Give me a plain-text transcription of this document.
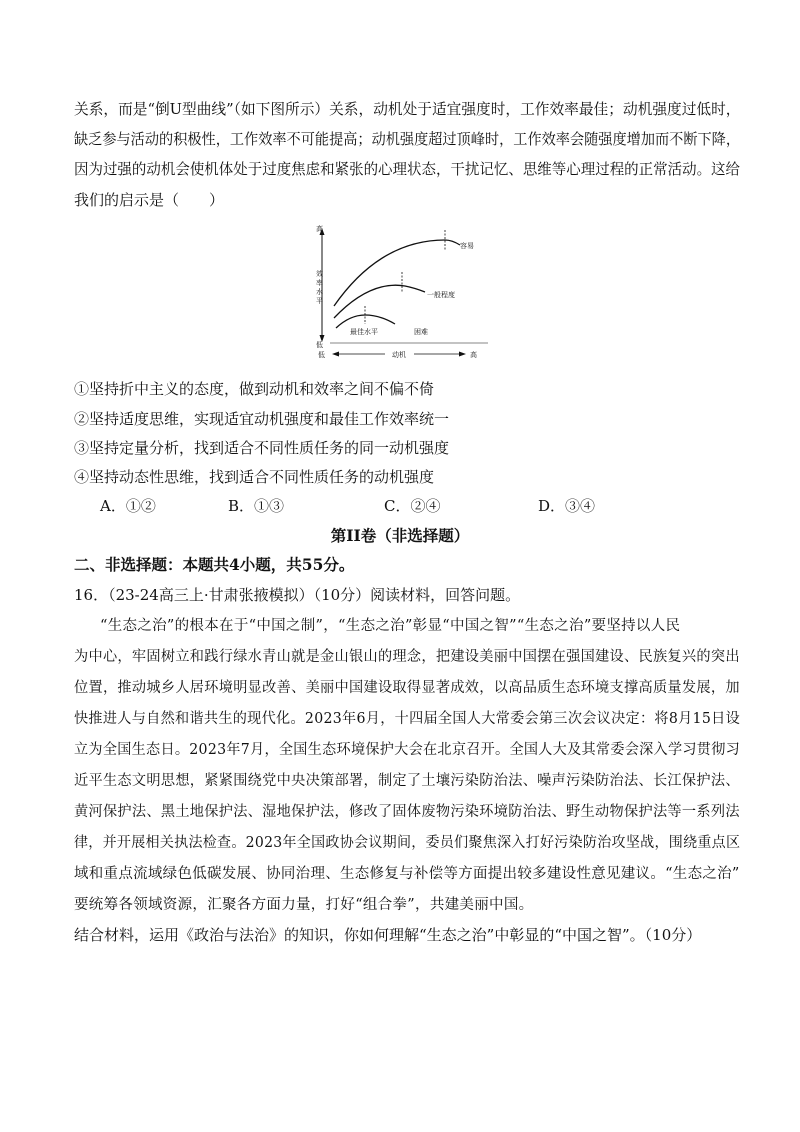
关系，而是“倒U型曲线”（如下图所示）关系，动机处于适宜强度时，工作效率最佳；动机强度过低时，
缺乏参与活动的积极性，工作效率不可能提高；动机强度超过顶峰时，工作效率会随强度增加而不断下降，
因为过强的动机会使机体处于过度焦虑和紧张的心理状态，干扰记忆、思维等心理过程的正常活动。这给
我们的启示是（　　）
高
效
率
水
平
低
低	动机	高
容易
一般程度
困难
最佳水平
①坚持折中主义的态度，做到动机和效率之间不偏不倚
②坚持适度思维，实现适宜动机强度和最佳工作效率统一
③坚持定量分析，找到适合不同性质任务的同一动机强度
④坚持动态性思维，找到适合不同性质任务的动机强度
A．①②	B．①③	C．②④	D．③④
第II卷（非选择题）
二、非选择题：本题共4小题，共55分。
16．（23-24高三上·甘肃张掖模拟）（10分）阅读材料，回答问题。
“生态之治”的根本在于“中国之制”，“生态之治”彰显“中国之智”“生态之治”要坚持以人民
为中心，牢固树立和践行绿水青山就是金山银山的理念，把建设美丽中国摆在强国建设、民族复兴的突出
位置，推动城乡人居环境明显改善、美丽中国建设取得显著成效，以高品质生态环境支撑高质量发展，加
快推进人与自然和谐共生的现代化。2023年6月，十四届全国人大常委会第三次会议决定：将8月15日设
立为全国生态日。2023年7月，全国生态环境保护大会在北京召开。全国人大及其常委会深入学习贯彻习
近平生态文明思想，紧紧围绕党中央决策部署，制定了土壤污染防治法、噪声污染防治法、长江保护法、
黄河保护法、黑土地保护法、湿地保护法，修改了固体废物污染环境防治法、野生动物保护法等一系列法
律，并开展相关执法检查。2023年全国政协会议期间，委员们聚焦深入打好污染防治攻坚战，围绕重点区
域和重点流域绿色低碳发展、协同治理、生态修复与补偿等方面提出较多建设性意见建议。“生态之治”
要统筹各领域资源，汇聚各方面力量，打好“组合拳”，共建美丽中国。
结合材料，运用《政治与法治》的知识，你如何理解“生态之治”中彰显的“中国之智”。（10分）
